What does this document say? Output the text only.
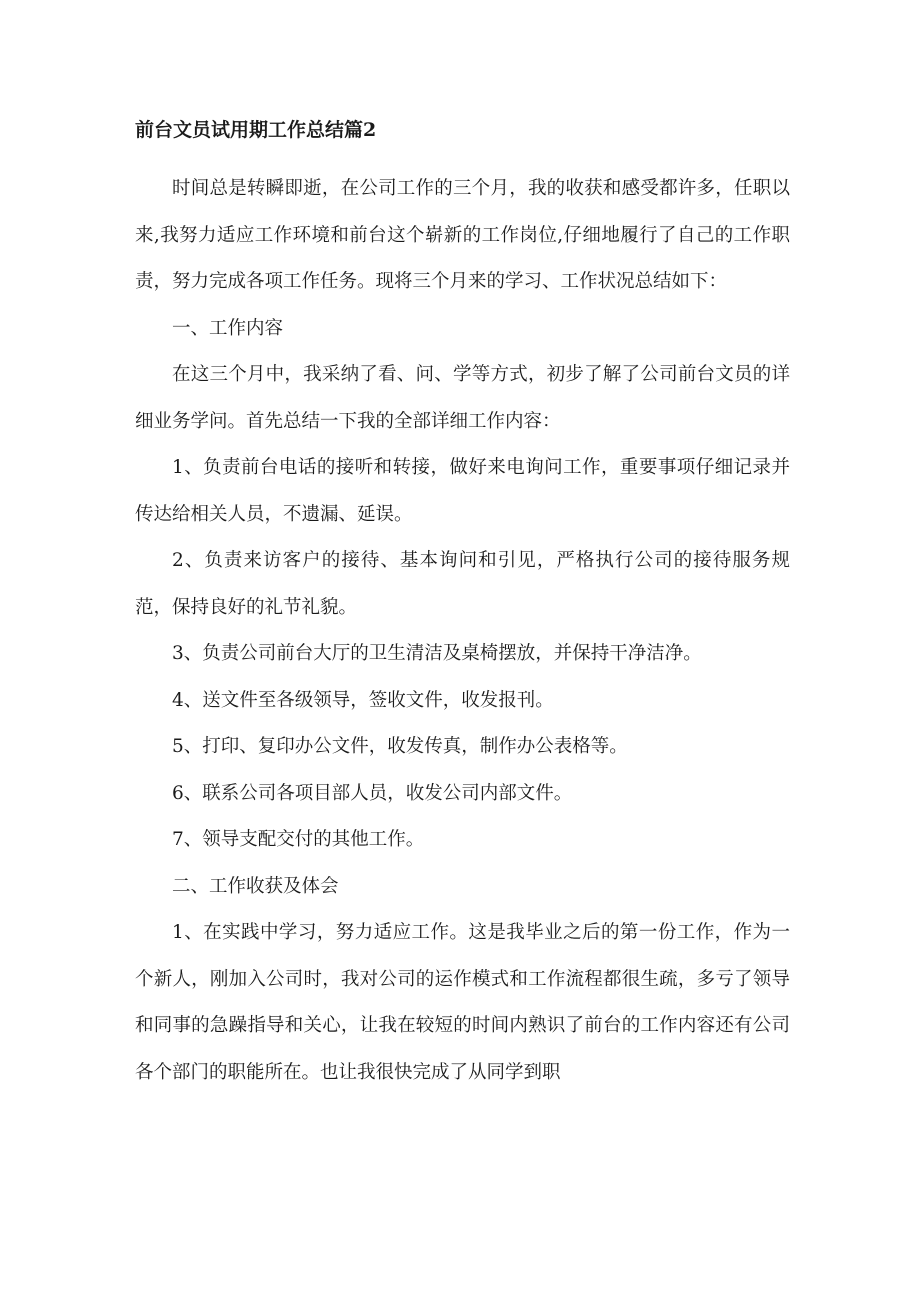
前台文员试用期工作总结篇2

时间总是转瞬即逝，在公司工作的三个月，我的收获和感受都许多，任职以来,我努力适应工作环境和前台这个崭新的工作岗位,仔细地履行了自己的工作职责，努力完成各项工作任务。现将三个月来的学习、工作状况总结如下：

一、工作内容

在这三个月中，我采纳了看、问、学等方式，初步了解了公司前台文员的详细业务学问。首先总结一下我的全部详细工作内容：

1、负责前台电话的接听和转接，做好来电询问工作，重要事项仔细记录并传达给相关人员，不遗漏、延误。

2、负责来访客户的接待、基本询问和引见，严格执行公司的接待服务规范，保持良好的礼节礼貌。

3、负责公司前台大厅的卫生清洁及桌椅摆放，并保持干净洁净。

4、送文件至各级领导，签收文件，收发报刊。

5、打印、复印办公文件，收发传真，制作办公表格等。

6、联系公司各项目部人员，收发公司内部文件。

7、领导支配交付的其他工作。

二、工作收获及体会

1、在实践中学习，努力适应工作。这是我毕业之后的第一份工作，作为一个新人，刚加入公司时，我对公司的运作模式和工作流程都很生疏，多亏了领导和同事的急躁指导和关心，让我在较短的时间内熟识了前台的工作内容还有公司各个部门的职能所在。也让我很快完成了从同学到职
